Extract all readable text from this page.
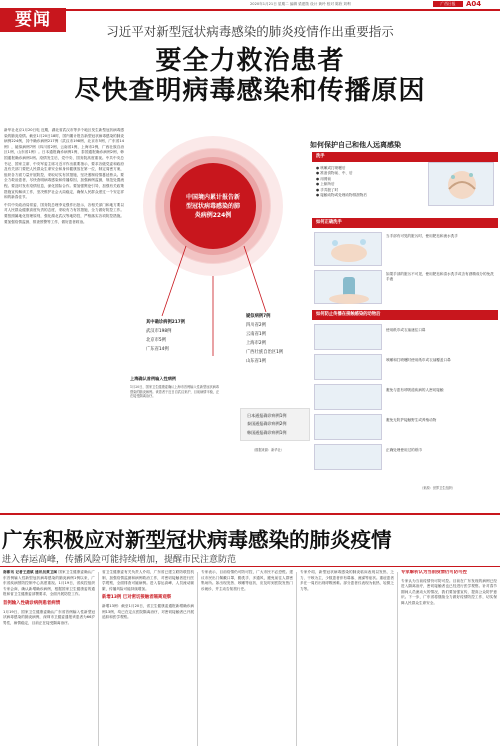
要闻
2020年1月21日 星期二 编辑 梁建勋 设计 黄玲 校对 陈欣 刘利	广西日报	A04
习近平对新型冠状病毒感染的肺炎疫情作出重要指示
要全力救治患者
尽快查明病毒感染和传播原因

新华社北京1月20日电 近期，湖北省武汉市等多个地区发生新型冠状病毒感染的肺炎疫情。截至1月20日18时，国内累计报告新型冠状病毒感染的肺炎病例224例，其中确诊病例217例（武汉市198例，北京市5例，广东省14例），疑似病例7例（四川省2例，云南省1例，上海市2例，广西壮族自治区1例，山东省1例）。日本通报确诊病例1例，泰国通报确诊病例2例，韩国通报确诊病例1例。疫情发生后，党中央、国务院高度重视。中共中央总书记、国家主席、中央军委主席习近平作出重要指示，要求各级党委和政府及有关部门要把人民群众生命安全和身体健康放在第一位，制定周密方案，组织各方面力量开展防控，采取切实有效措施，坚决遏制疫情蔓延势头。要全力救治患者，尽快查明病毒感染和传播原因，加强病例监测，规范处置流程。要及时发布疫情信息，深化国际合作。要加强舆论引导，加强有关政策措施宣传解读工作，坚决维护社会大局稳定，确保人民群众度过一个安定祥和的新春佳节。

中共中央政治局常委、国务院总理李克强作出批示，各相关部门和地方要以对人民群众健康高度负责的态度，采取有力有效措施，全力做好防控工作。要按照属地化管理原则，强化湖北武汉等地防控，严格落实各项防控措施。要加强疫情监测、排查预警等工作，做好患者救治。

中国境内累计报告新型冠状病毒感染的肺炎病例224例
其中确诊病例217例
武汉市198例
北京市5例
广东省14例
疑似病例7例
四川省2例
云南省1例
上海市2例
广西壮族自治区1例
山东省1例
上海确认首例输入性病例
1月20日，国家卫生健康委确认上海市首例输入性新型冠状病毒感染的肺炎病例。该患者于近日自武汉来沪，目前病情平稳，正在接受隔离治疗。
日本通报确诊病例1例
泰国通报确诊病例2例
韩国通报确诊病例1例
（数据来源：新华社）
如何保护自己和他人远离感染
洗手
● 咳嗽或打喷嚏后
● 准备食物前、中、后
● 用餐前
● 上厕所后
● 手弄脏了时
● 接触动物或处理动物排泄物后
如何正确洗手
当手部有可见的脏污时，使用肥皂和流水洗手
如果手部的脏污不可见，使用肥皂和清水洗手或含有酒精成分的免洗手液
如何防止传播在接触感染的动物后
使用纸巾或衣袖遮住口鼻
咳嗽和打喷嚏时使用纸巾或衣袖覆盖口鼻
避免与患有呼吸道疾病的人密切接触
避免无防护接触野生或养殖动物
正确处理使用过的纸巾
（来源：世界卫生组织）
广东积极应对新型冠状病毒感染的肺炎疫情
进入春运高峰，传播风险可能持续增加，提醒市民注意防范

南都讯 记者王道斌 通讯员黄卫图 国家卫生健康委确认广东首例输入性新型冠状病毒感染的肺炎病例1例以来，广东省疾病预防控制中心高度重视。1月19日，省疾控组织专家会商，确认新增确诊病例，根据国家卫生健康委的通报和省卫生健康委部署要求，全面开展防控工作。

首例输入性确诊病例患者病情

1月19日，国家卫生健康委确认广东省首例输入性新型冠状病毒感染的肺炎病例，深圳市卫健委通报该患者为66岁男性，病情稳定，目前正在接受隔离治疗。

省卫生健康委有关负责人介绍，广东省已建立联防联控机制，加强疫情监测和病例救治工作，对密切接触者进行医学观察，全面排查可疑病例。进入春运高峰，人员流动频繁，传播风险可能持续增加。

新增13例 已对密切接触者隔离观察

新增13例：截至1月20日，省卫生健康委通报新增确诊病例13例，均已在定点医院隔离治疗，对密切接触者已开展追踪和医学观察。

专家表示，目前疫情仍可防可控，广大市民不必恐慌。建议市民出门佩戴口罩，勤洗手、多通风，避免前往人群密集场所。如出现发热、咳嗽等症状，应及时到医院发热门诊就诊，并主动告知旅行史。

专家介绍，新型冠状病毒感染的肺炎临床表现以发热、乏力、干咳为主，少数患者伴有鼻塞、流涕等症状。重症患者多在一周后出现呼吸困难。部分患者仅表现为低热、轻微乏力等。

专家解析认为当前疫情仍可防可控

专家认为当前疫情仍可防可控。目前在广东发现的病例已经进入隔离治疗，密切接触者也已经进行医学观察。针对春节期间人员流动大的情况，我们要加强宣传，提高公众防护意识。下一步，广东省将继续全力做好疫情防控工作，切实保障人民群众生命安全。
